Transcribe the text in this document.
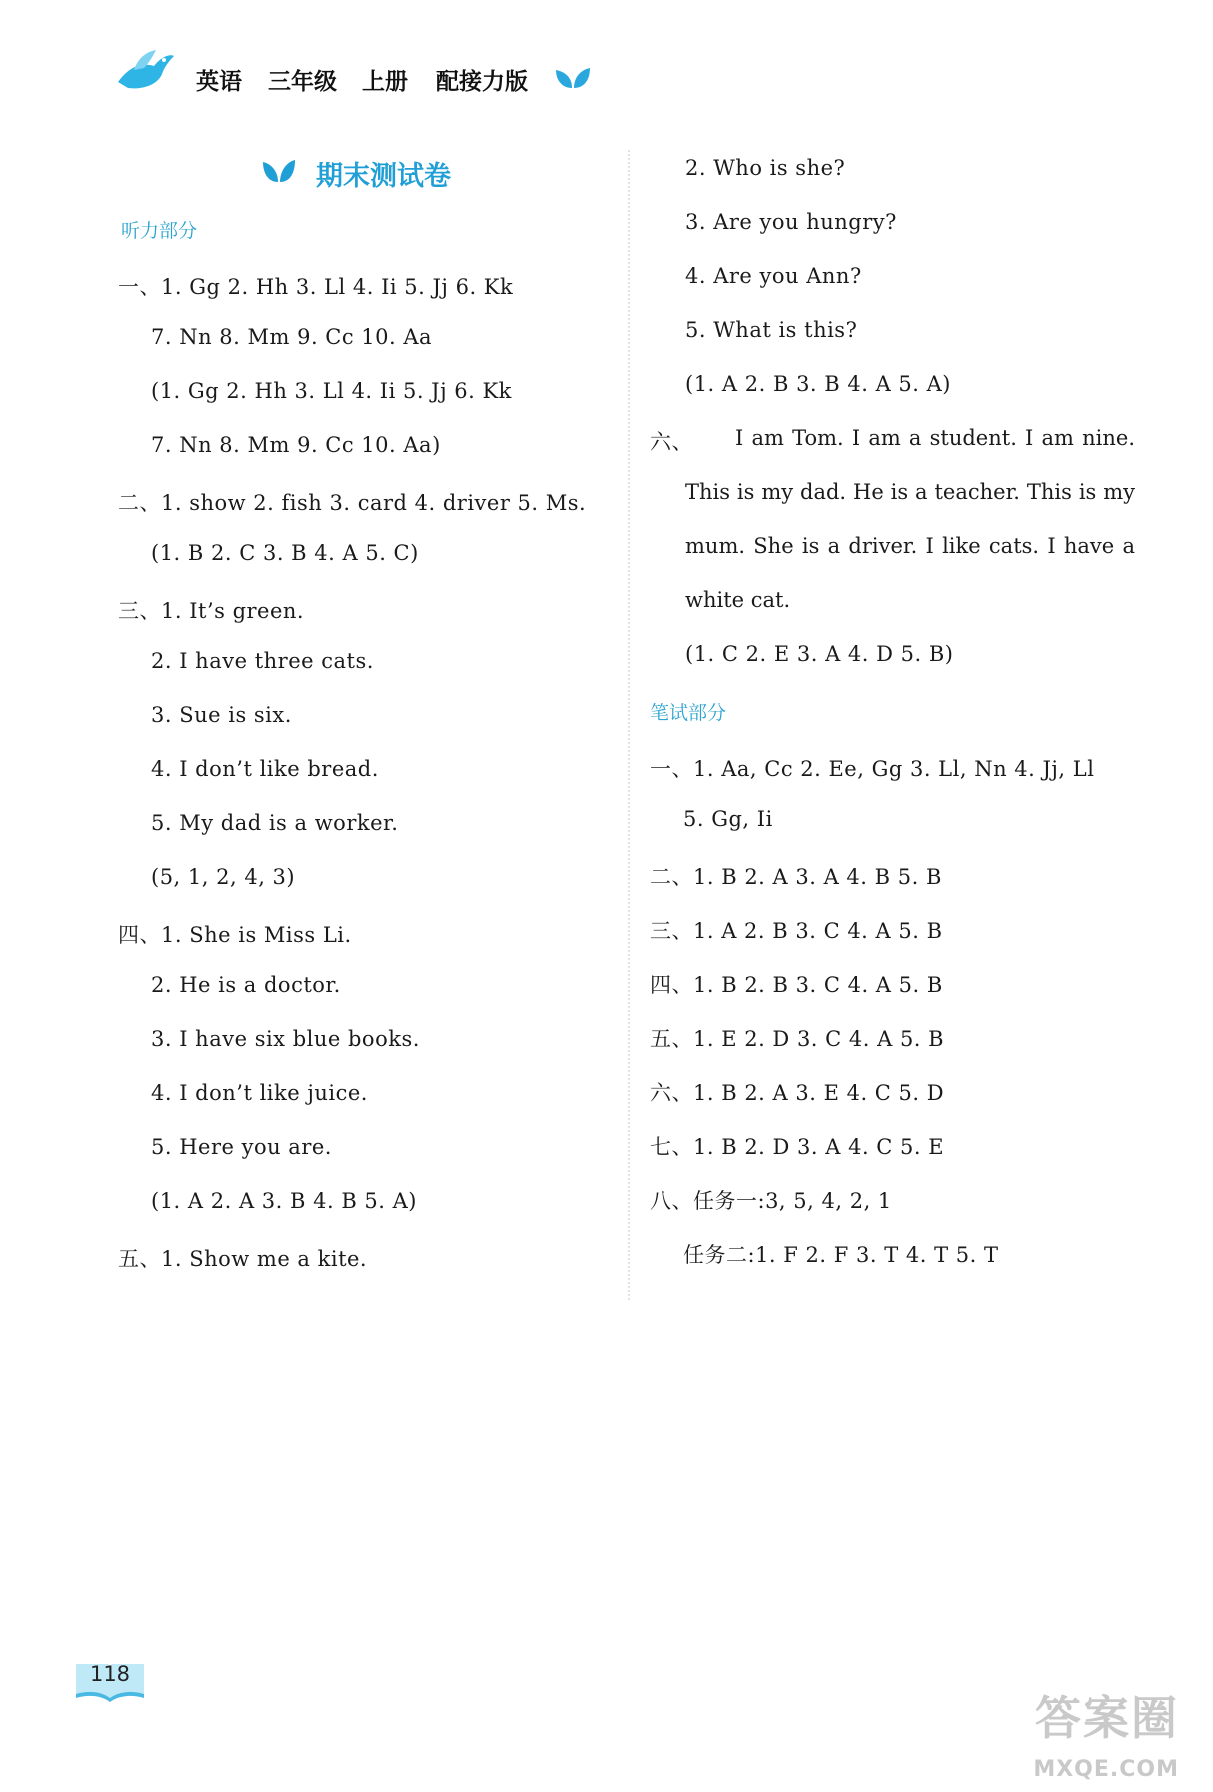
英语 三年级 上册 配接力版
期末测试卷
听力部分
一、1. Gg 2. Hh 3. Ll 4. Ii 5. Jj 6. Kk
7. Nn 8. Mm 9. Cc 10. Aa
(1. Gg 2. Hh 3. Ll 4. Ii 5. Jj 6. Kk
7. Nn 8. Mm 9. Cc 10. Aa)
二、1. show 2. fish 3. card 4. driver 5. Ms.
(1. B 2. C 3. B 4. A 5. C)
三、1. It’s green.
2. I have three cats.
3. Sue is six.
4. I don’t like bread.
5. My dad is a worker.
(5, 1, 2, 4, 3)
四、1. She is Miss Li.
2. He is a doctor.
3. I have six blue books.
4. I don’t like juice.
5. Here you are.
(1. A 2. A 3. B 4. B 5. A)
五、1. Show me a kite.
2. Who is she?
3. Are you hungry?
4. Are you Ann?
5. What is this?
(1. A 2. B 3. B 4. A 5. A)
六、	I am Tom. I am a student. I am nine. This is my dad. He is a teacher. This is my mum. She is a driver. I like cats. I have a white cat.

(1. C 2. E 3. A 4. D 5. B)
笔试部分
一、1. Aa, Cc 2. Ee, Gg 3. Ll, Nn 4. Jj, Ll
5. Gg, Ii
二、1. B 2. A 3. A 4. B 5. B
三、1. A 2. B 3. C 4. A 5. B
四、1. B 2. B 3. C 4. A 5. B
五、1. E 2. D 3. C 4. A 5. B
六、1. B 2. A 3. E 4. C 5. D
七、1. B 2. D 3. A 4. C 5. E
八、任务一:3, 5, 4, 2, 1
任务二:1. F 2. F 3. T 4. T 5. T
118
答案圈
MXQE.COM
